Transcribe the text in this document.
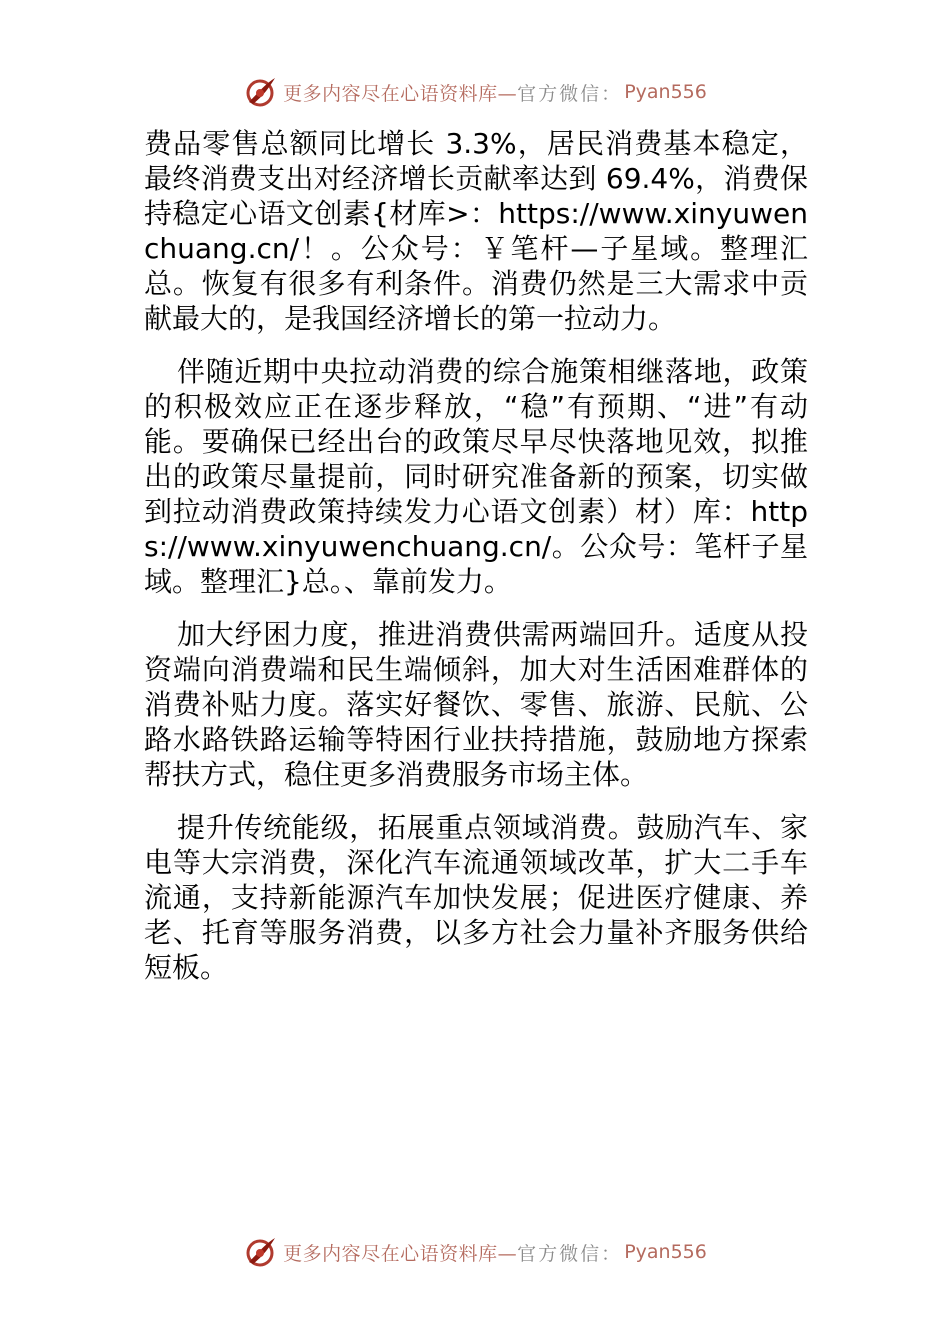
更多内容尽在心语资料库— 官方微信： Pyan556

费品零售总额同比增长 3.3%，居民消费基本稳定，最终消费支出对经济增长贡献率达到 69.4%，消费保持稳定心语文创素{材库>：https://www.xinyuwenchuang.cn/！。公众号：￥笔杆—子星域。整理汇总。恢复有很多有利条件。消费仍然是三大需求中贡献最大的，是我国经济增长的第一拉动力。

伴随近期中央拉动消费的综合施策相继落地，政策的积极效应正在逐步释放，“稳”有预期、“进”有动能。要确保已经出台的政策尽早尽快落地见效，拟推出的政策尽量提前，同时研究准备新的预案，切实做到拉动消费政策持续发力心语文创素）材）库：https://www.xinyuwenchuang.cn/。公众号：笔杆子星域。整理汇}总。、靠前发力。

加大纾困力度，推进消费供需两端回升。适度从投资端向消费端和民生端倾斜，加大对生活困难群体的消费补贴力度。落实好餐饮、零售、旅游、民航、公路水路铁路运输等特困行业扶持措施，鼓励地方探索帮扶方式，稳住更多消费服务市场主体。

提升传统能级，拓展重点领域消费。鼓励汽车、家电等大宗消费，深化汽车流通领域改革，扩大二手车流通，支持新能源汽车加快发展；促进医疗健康、养老、托育等服务消费，以多方社会力量补齐服务供给短板。

更多内容尽在心语资料库— 官方微信： Pyan556
